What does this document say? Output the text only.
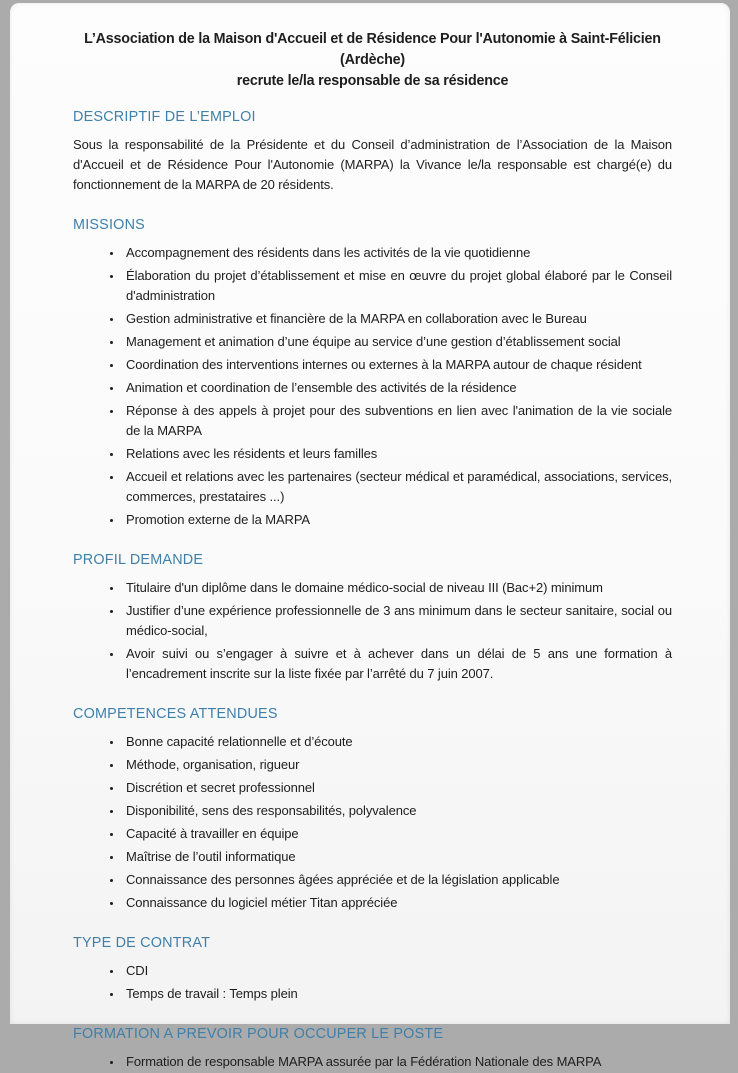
L’Association de la Maison d'Accueil et de Résidence Pour l'Autonomie à Saint-Félicien (Ardèche)
recrute le/la responsable de sa résidence
DESCRIPTIF DE L’EMPLOI

Sous la responsabilité de la Présidente et du Conseil d’administration de l’Association de la Maison d'Accueil et de Résidence Pour l'Autonomie (MARPA) la Vivance le/la responsable est chargé(e) du fonctionnement de la MARPA de 20 résidents.

MISSIONS
• Accompagnement des résidents dans les activités de la vie quotidienne
• Élaboration du projet d’établissement et mise en œuvre du projet global élaboré par le Conseil d'administration
• Gestion administrative et financière de la MARPA en collaboration avec le Bureau
• Management et animation d’une équipe au service d’une gestion d’établissement social
• Coordination des interventions internes ou externes à la MARPA autour de chaque résident
• Animation et coordination de l’ensemble des activités de la résidence
• Réponse à des appels à projet pour des subventions en lien avec l'animation de la vie sociale de la MARPA
• Relations avec les résidents et leurs familles
• Accueil et relations avec les partenaires (secteur médical et paramédical, associations, services, commerces, prestataires ...)
• Promotion externe de la MARPA
PROFIL DEMANDE
• Titulaire d'un diplôme dans le domaine médico-social de niveau III (Bac+2) minimum
• Justifier d’une expérience professionnelle de 3 ans minimum dans le secteur sanitaire, social ou médico-social,
• Avoir suivi ou s’engager à suivre et à achever dans un délai de 5 ans une formation à l’encadrement inscrite sur la liste fixée par l’arrêté du 7 juin 2007.
COMPETENCES ATTENDUES
• Bonne capacité relationnelle et d’écoute
• Méthode, organisation, rigueur
• Discrétion et secret professionnel
• Disponibilité, sens des responsabilités, polyvalence
• Capacité à travailler en équipe
• Maîtrise de l’outil informatique
• Connaissance des personnes âgées appréciée et de la législation applicable
• Connaissance du logiciel métier Titan appréciée
TYPE DE CONTRAT
• CDI
• Temps de travail : Temps plein
FORMATION A PREVOIR POUR OCCUPER LE POSTE
• Formation de responsable MARPA assurée par la Fédération Nationale des MARPA
